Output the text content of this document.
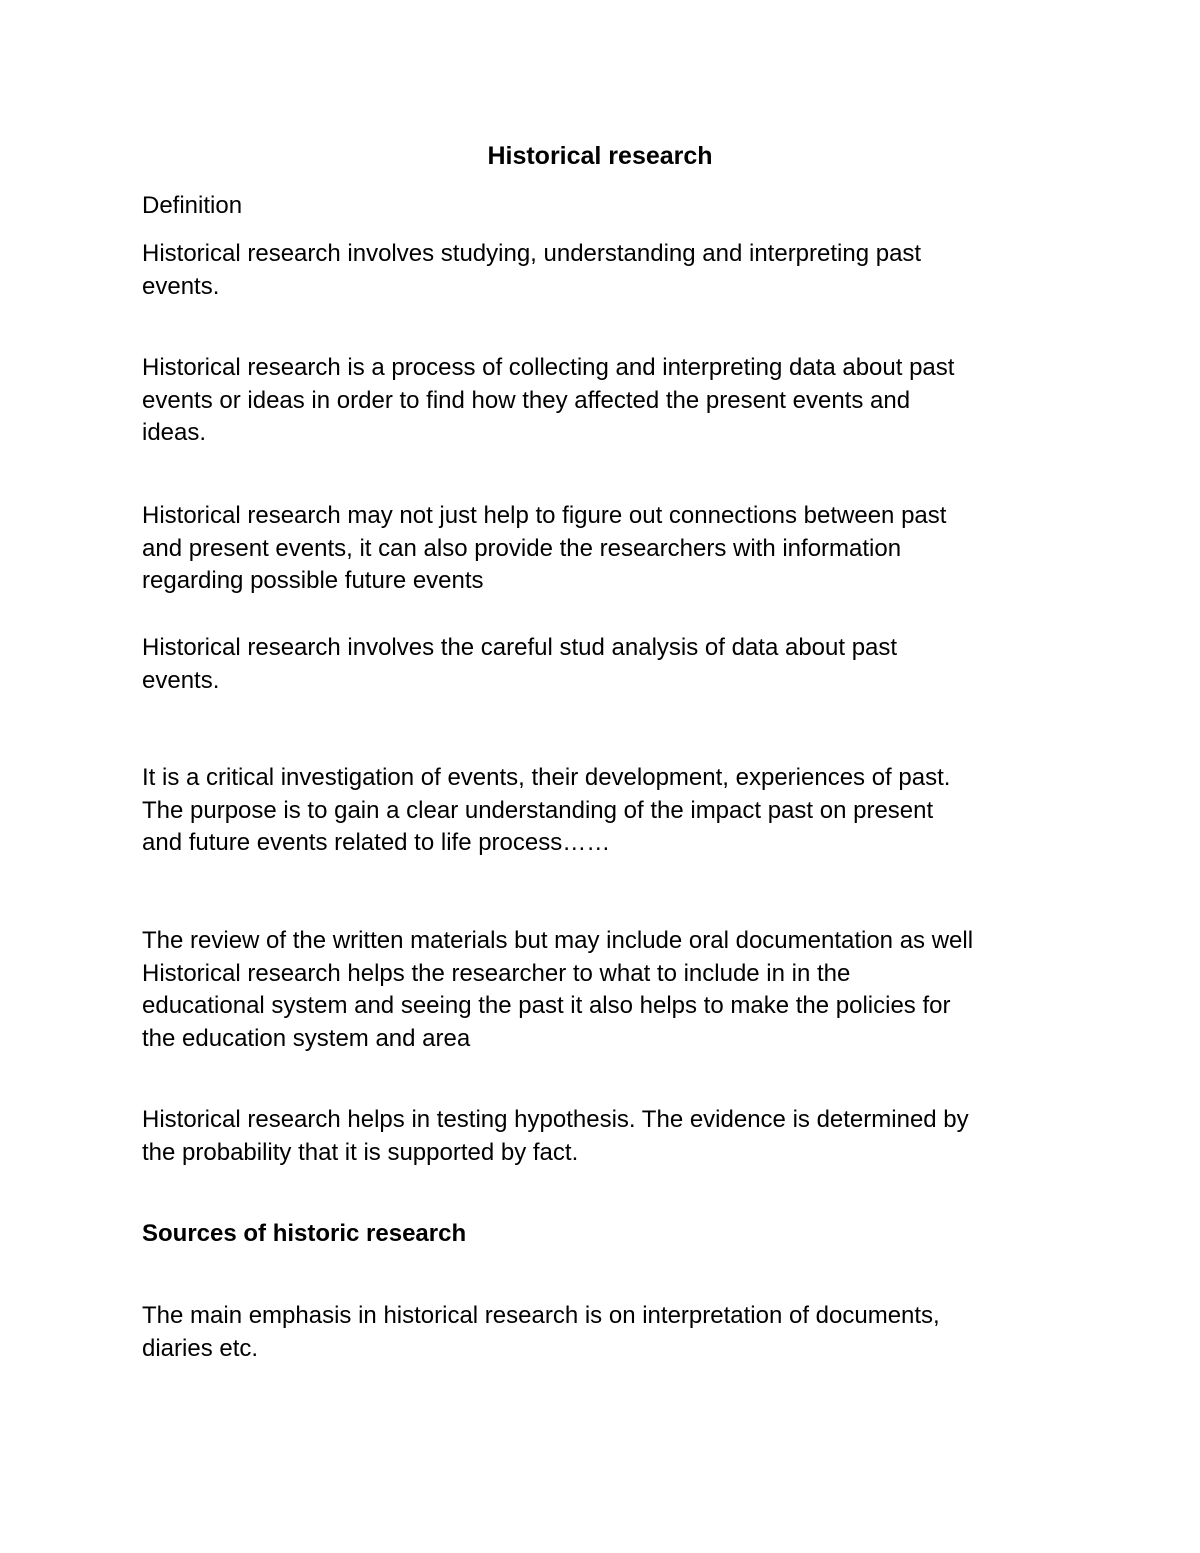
Historical research

Definition

Historical research involves studying, understanding and interpreting past
events.

Historical research is a process of collecting and interpreting data about past
events or ideas in order to find how they affected the present events and
ideas.

Historical research may not just help to figure out connections between past
and present events, it can also provide the researchers with information
regarding possible future events

Historical research involves the careful stud analysis of data about past
events.

It is a critical investigation of events, their development, experiences of past.
The purpose is to gain a clear understanding of the impact past on present
and future events related to life process……

The review of the written materials but may include oral documentation as well
Historical research helps the researcher to what to include in in the
educational system and seeing the past it also helps to make the policies for
the education system and area

Historical research helps in testing hypothesis. The evidence is determined by
the probability that it is supported by fact.

Sources of historic research

The main emphasis in historical research is on interpretation of documents,
diaries etc.
